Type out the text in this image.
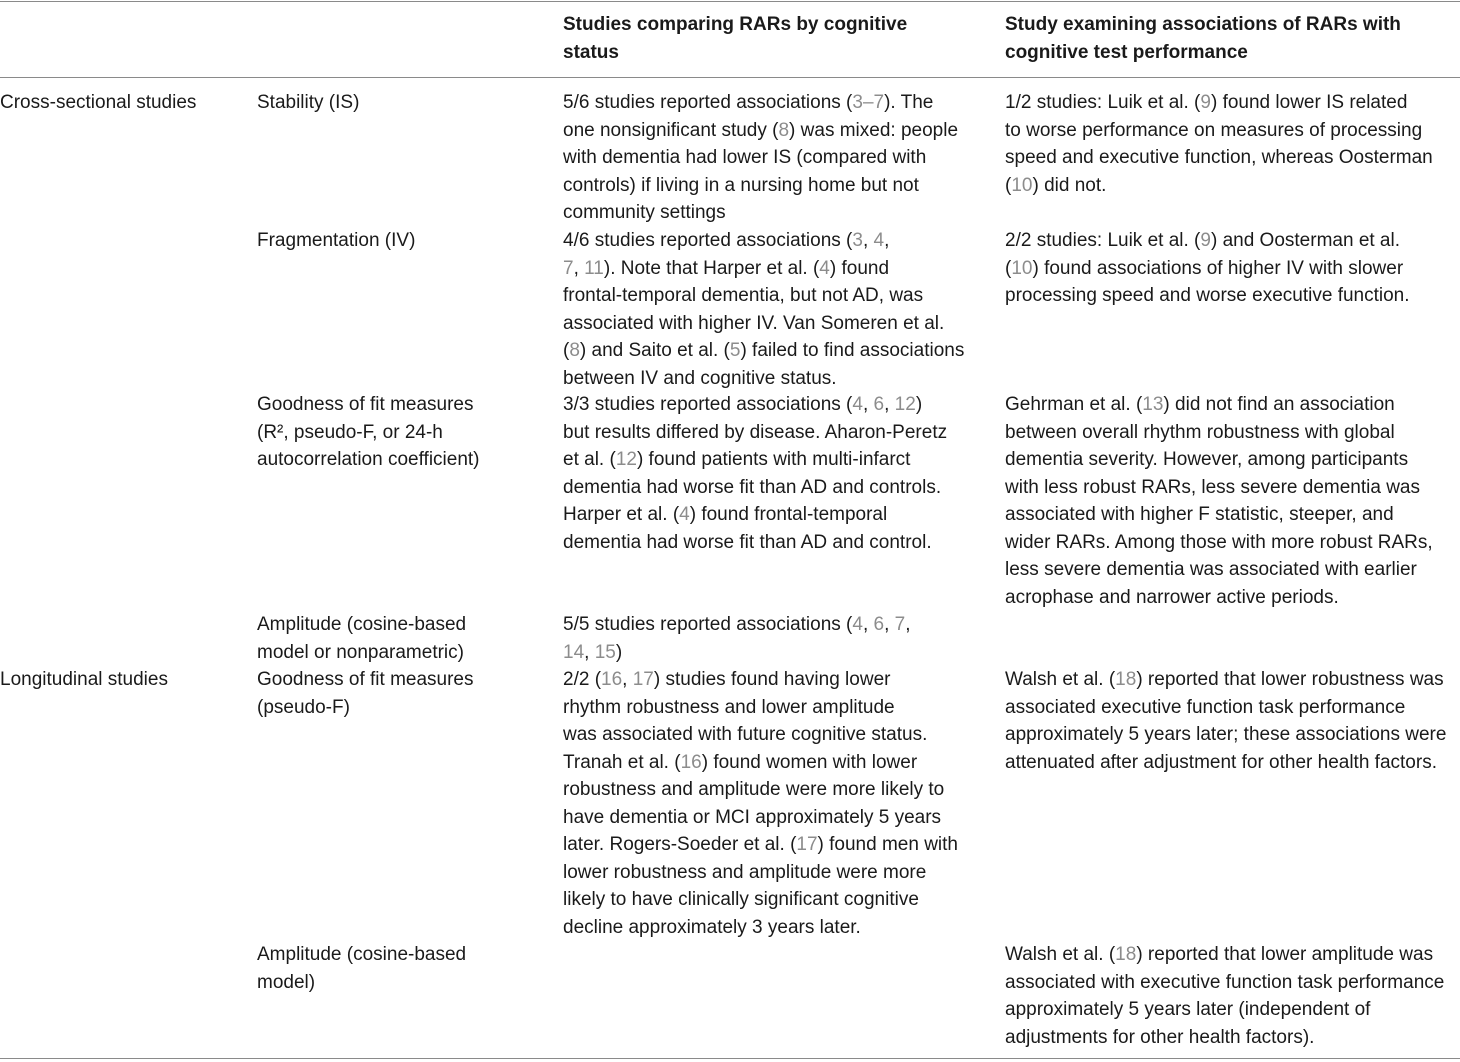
Studies comparing RARs by cognitive
status
Study examining associations of RARs with
cognitive test performance
Cross-sectional studies
Longitudinal studies
Stability (IS)	5/6 studies reported associations (3–7). The
one nonsignificant study (8) was mixed: people
with dementia had lower IS (compared with
controls) if living in a nursing home but not
community settings
1/2 studies: Luik et al. (9) found lower IS related
to worse performance on measures of processing
speed and executive function, whereas Oosterman
(10) did not.
Fragmentation (IV)	4/6 studies reported associations (3, 4,
7, 11). Note that Harper et al. (4) found
frontal-temporal dementia, but not AD, was
associated with higher IV. Van Someren et al.
(8) and Saito et al. (5) failed to find associations
between IV and cognitive status.
2/2 studies: Luik et al. (9) and Oosterman et al.
(10) found associations of higher IV with slower
processing speed and worse executive function.
Goodness of fit measures
(R², pseudo-F, or 24-h
autocorrelation coefficient)
3/3 studies reported associations (4, 6, 12)
but results differed by disease. Aharon-Peretz
et al. (12) found patients with multi-infarct
dementia had worse fit than AD and controls.
Harper et al. (4) found frontal-temporal
dementia had worse fit than AD and control.
Gehrman et al. (13) did not find an association
between overall rhythm robustness with global
dementia severity. However, among participants
with less robust RARs, less severe dementia was
associated with higher F statistic, steeper, and
wider RARs. Among those with more robust RARs,
less severe dementia was associated with earlier
acrophase and narrower active periods.
Amplitude (cosine-based
model or nonparametric)
5/5 studies reported associations (4, 6, 7,
14, 15)
Goodness of fit measures
(pseudo-F)
2/2 (16, 17) studies found having lower
rhythm robustness and lower amplitude
was associated with future cognitive status.
Tranah et al. (16) found women with lower
robustness and amplitude were more likely to
have dementia or MCI approximately 5 years
later. Rogers-Soeder et al. (17) found men with
lower robustness and amplitude were more
likely to have clinically significant cognitive
decline approximately 3 years later.
Walsh et al. (18) reported that lower robustness was
associated executive function task performance
approximately 5 years later; these associations were
attenuated after adjustment for other health factors.
Amplitude (cosine-based
model)
Walsh et al. (18) reported that lower amplitude was
associated with executive function task performance
approximately 5 years later (independent of
adjustments for other health factors).
